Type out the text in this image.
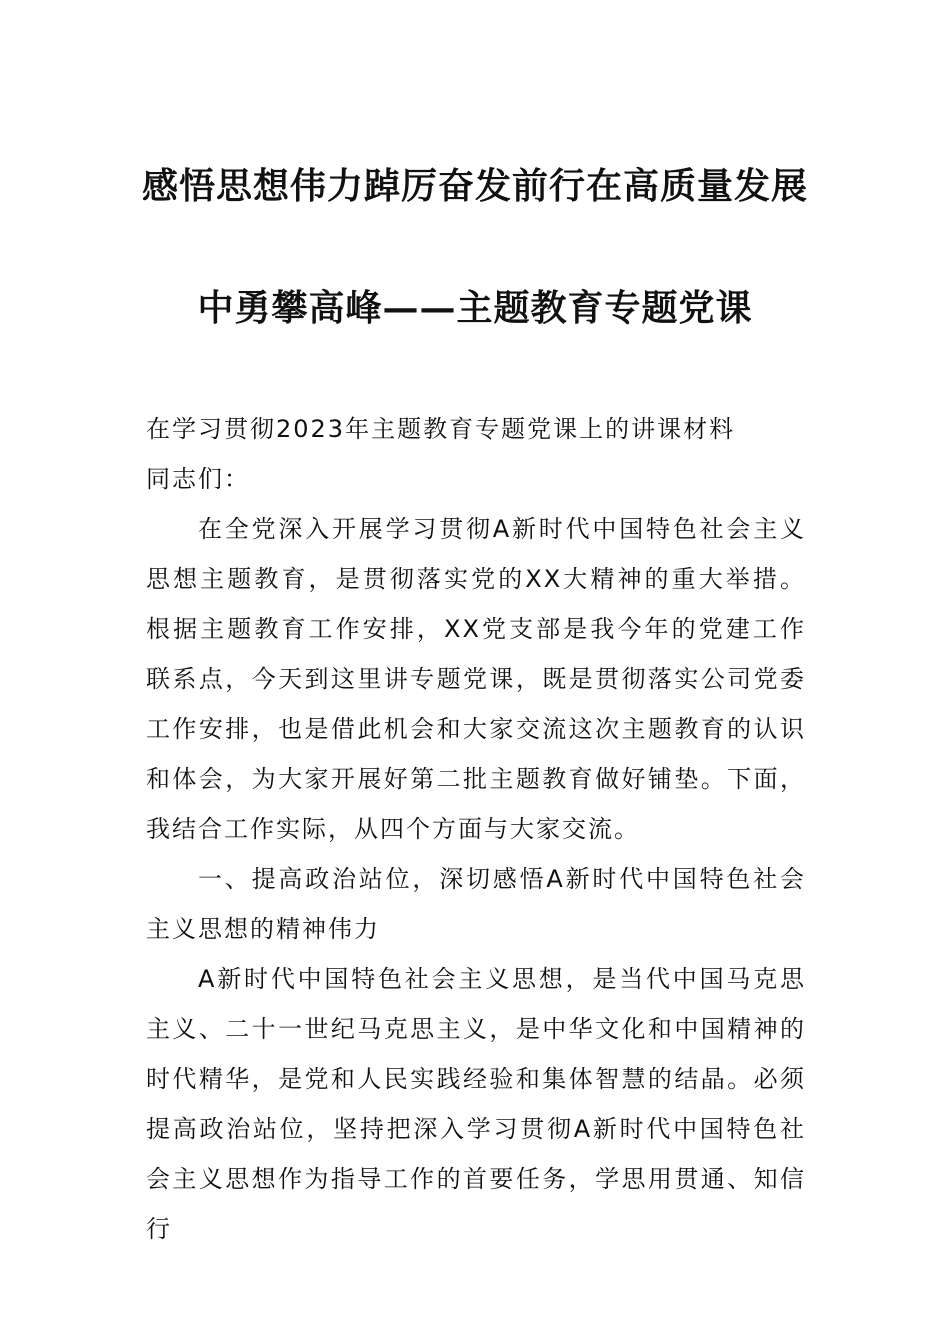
感悟思想伟力踔厉奋发前行在高质量发展
中勇攀高峰——主题教育专题党课

在学习贯彻2023年主题教育专题党课上的讲课材料

同志们：

在全党深入开展学习贯彻A新时代中国特色社会主义思想主题教育，是贯彻落实党的XX大精神的重大举措。根据主题教育工作安排，XX党支部是我今年的党建工作联系点，今天到这里讲专题党课，既是贯彻落实公司党委工作安排，也是借此机会和大家交流这次主题教育的认识和体会，为大家开展好第二批主题教育做好铺垫。下面，我结合工作实际，从四个方面与大家交流。

一、提高政治站位，深切感悟A新时代中国特色社会主义思想的精神伟力

A新时代中国特色社会主义思想，是当代中国马克思主义、二十一世纪马克思主义，是中华文化和中国精神的时代精华，是党和人民实践经验和集体智慧的结晶。必须提高政治站位，坚持把深入学习贯彻A新时代中国特色社会主义思想作为指导工作的首要任务，学思用贯通、知信行
